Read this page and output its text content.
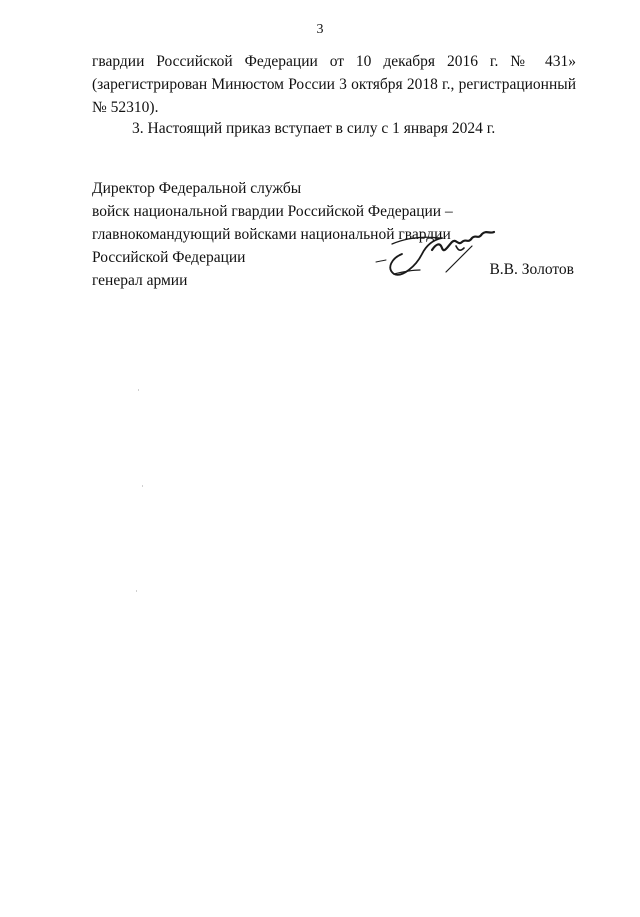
3
гвардии Российской Федерации от 10 декабря 2016 г. № 431»
(зарегистрирован Минюстом России 3 октября 2018 г., регистрационный
№ 52310).
3. Настоящий приказ вступает в силу с 1 января 2024 г.
Директор Федеральной службы
войск национальной гвардии Российской Федерации –
главнокомандующий войсками национальной гвардии
Российской Федерации
генерал армии
В.В. Золотов
